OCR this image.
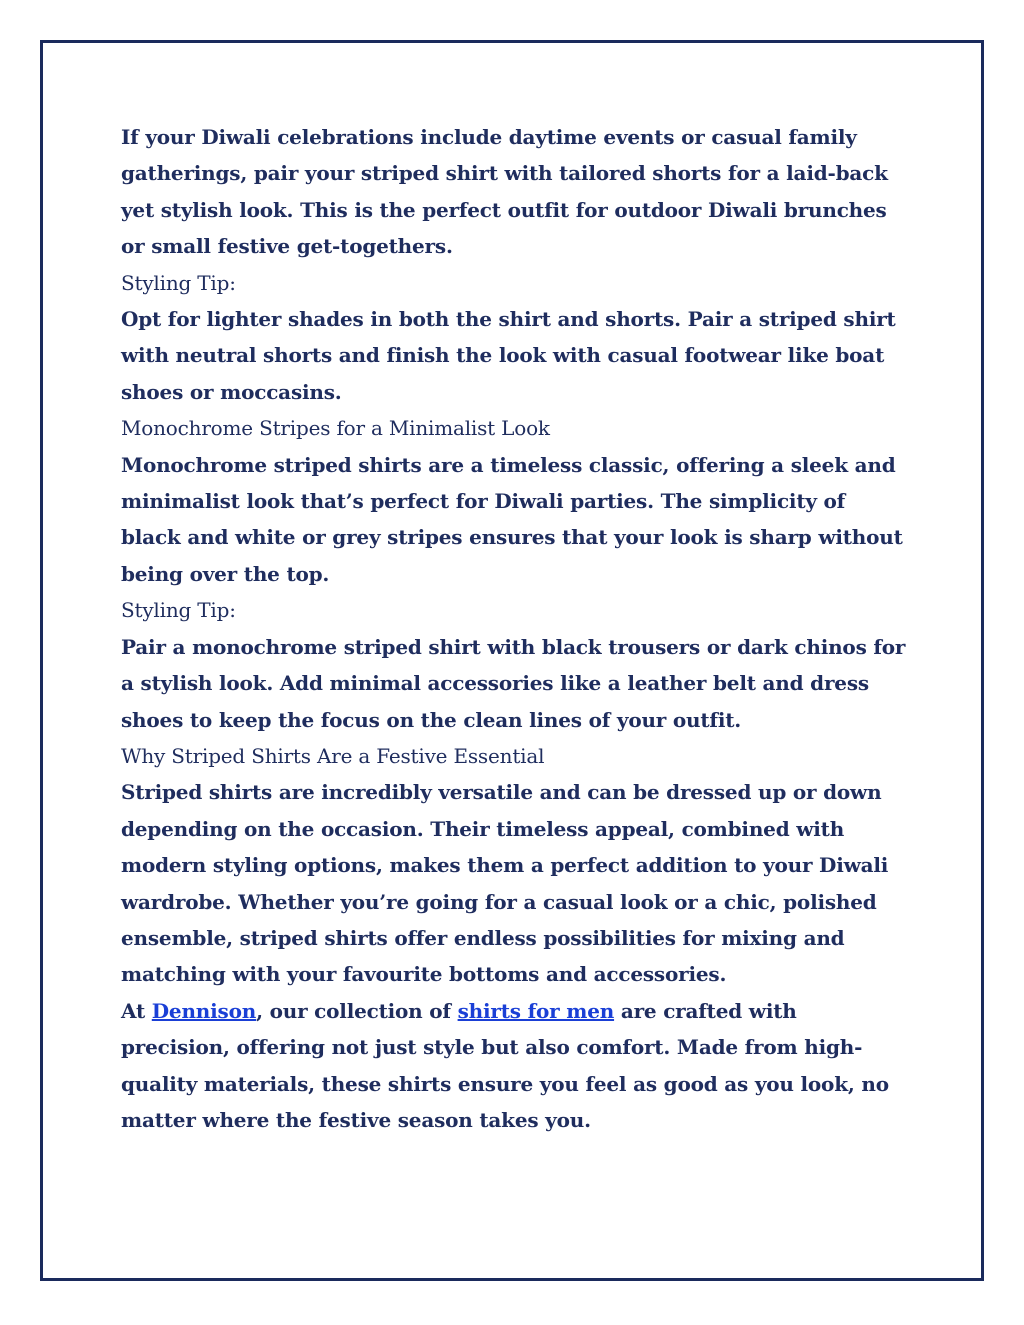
If your Diwali celebrations include daytime events or casual family gatherings, pair your striped shirt with tailored shorts for a laid-back yet stylish look. This is the perfect outfit for outdoor Diwali brunches or small festive get-togethers.

Styling Tip:

Opt for lighter shades in both the shirt and shorts. Pair a striped shirt with neutral shorts and finish the look with casual footwear like boat shoes or moccasins.

Monochrome Stripes for a Minimalist Look

Monochrome striped shirts are a timeless classic, offering a sleek and minimalist look that’s perfect for Diwali parties. The simplicity of black and white or grey stripes ensures that your look is sharp without being over the top.

Styling Tip:

Pair a monochrome striped shirt with black trousers or dark chinos for a stylish look. Add minimal accessories like a leather belt and dress shoes to keep the focus on the clean lines of your outfit.

Why Striped Shirts Are a Festive Essential

Striped shirts are incredibly versatile and can be dressed up or down depending on the occasion. Their timeless appeal, combined with modern styling options, makes them a perfect addition to your Diwali wardrobe. Whether you’re going for a casual look or a chic, polished ensemble, striped shirts offer endless possibilities for mixing and matching with your favourite bottoms and accessories.

At Dennison, our collection of shirts for men are crafted with precision, offering not just style but also comfort. Made from high-quality materials, these shirts ensure you feel as good as you look, no matter where the festive season takes you.
